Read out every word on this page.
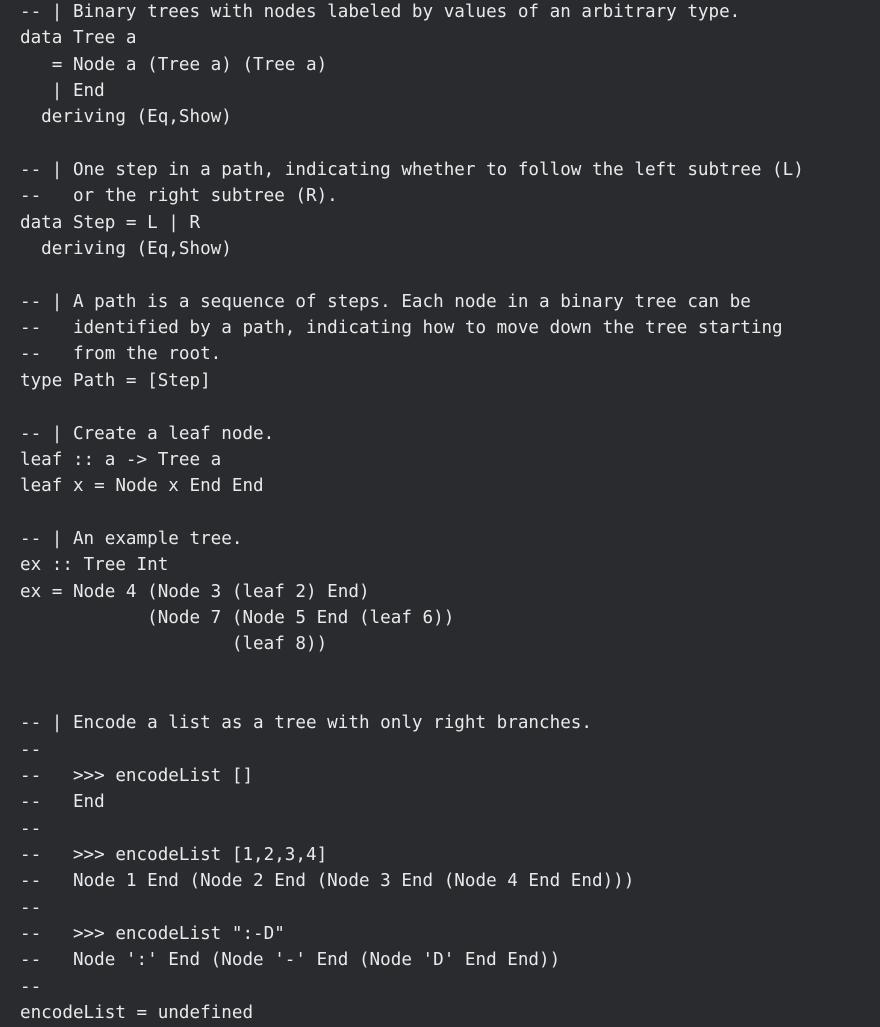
-- | Binary trees with nodes labeled by values of an arbitrary type.
data Tree a
= Node a (Tree a) (Tree a)
| End
deriving (Eq,Show)
-- | One step in a path, indicating whether to follow the left subtree (L)
--   or the right subtree (R).
data Step = L | R
deriving (Eq,Show)
-- | A path is a sequence of steps. Each node in a binary tree can be
--   identified by a path, indicating how to move down the tree starting
--   from the root.
type Path = [Step]
-- | Create a leaf node.
leaf :: a -> Tree a
leaf x = Node x End End
-- | An example tree.
ex :: Tree Int
ex = Node 4 (Node 3 (leaf 2) End)
(Node 7 (Node 5 End (leaf 6))
(leaf 8))
-- | Encode a list as a tree with only right branches.
--
--   >>> encodeList []
--   End
--
--   >>> encodeList [1,2,3,4]
--   Node 1 End (Node 2 End (Node 3 End (Node 4 End End)))
--
--   >>> encodeList ":-D"
--   Node ':' End (Node '-' End (Node 'D' End End))
--
encodeList = undefined
